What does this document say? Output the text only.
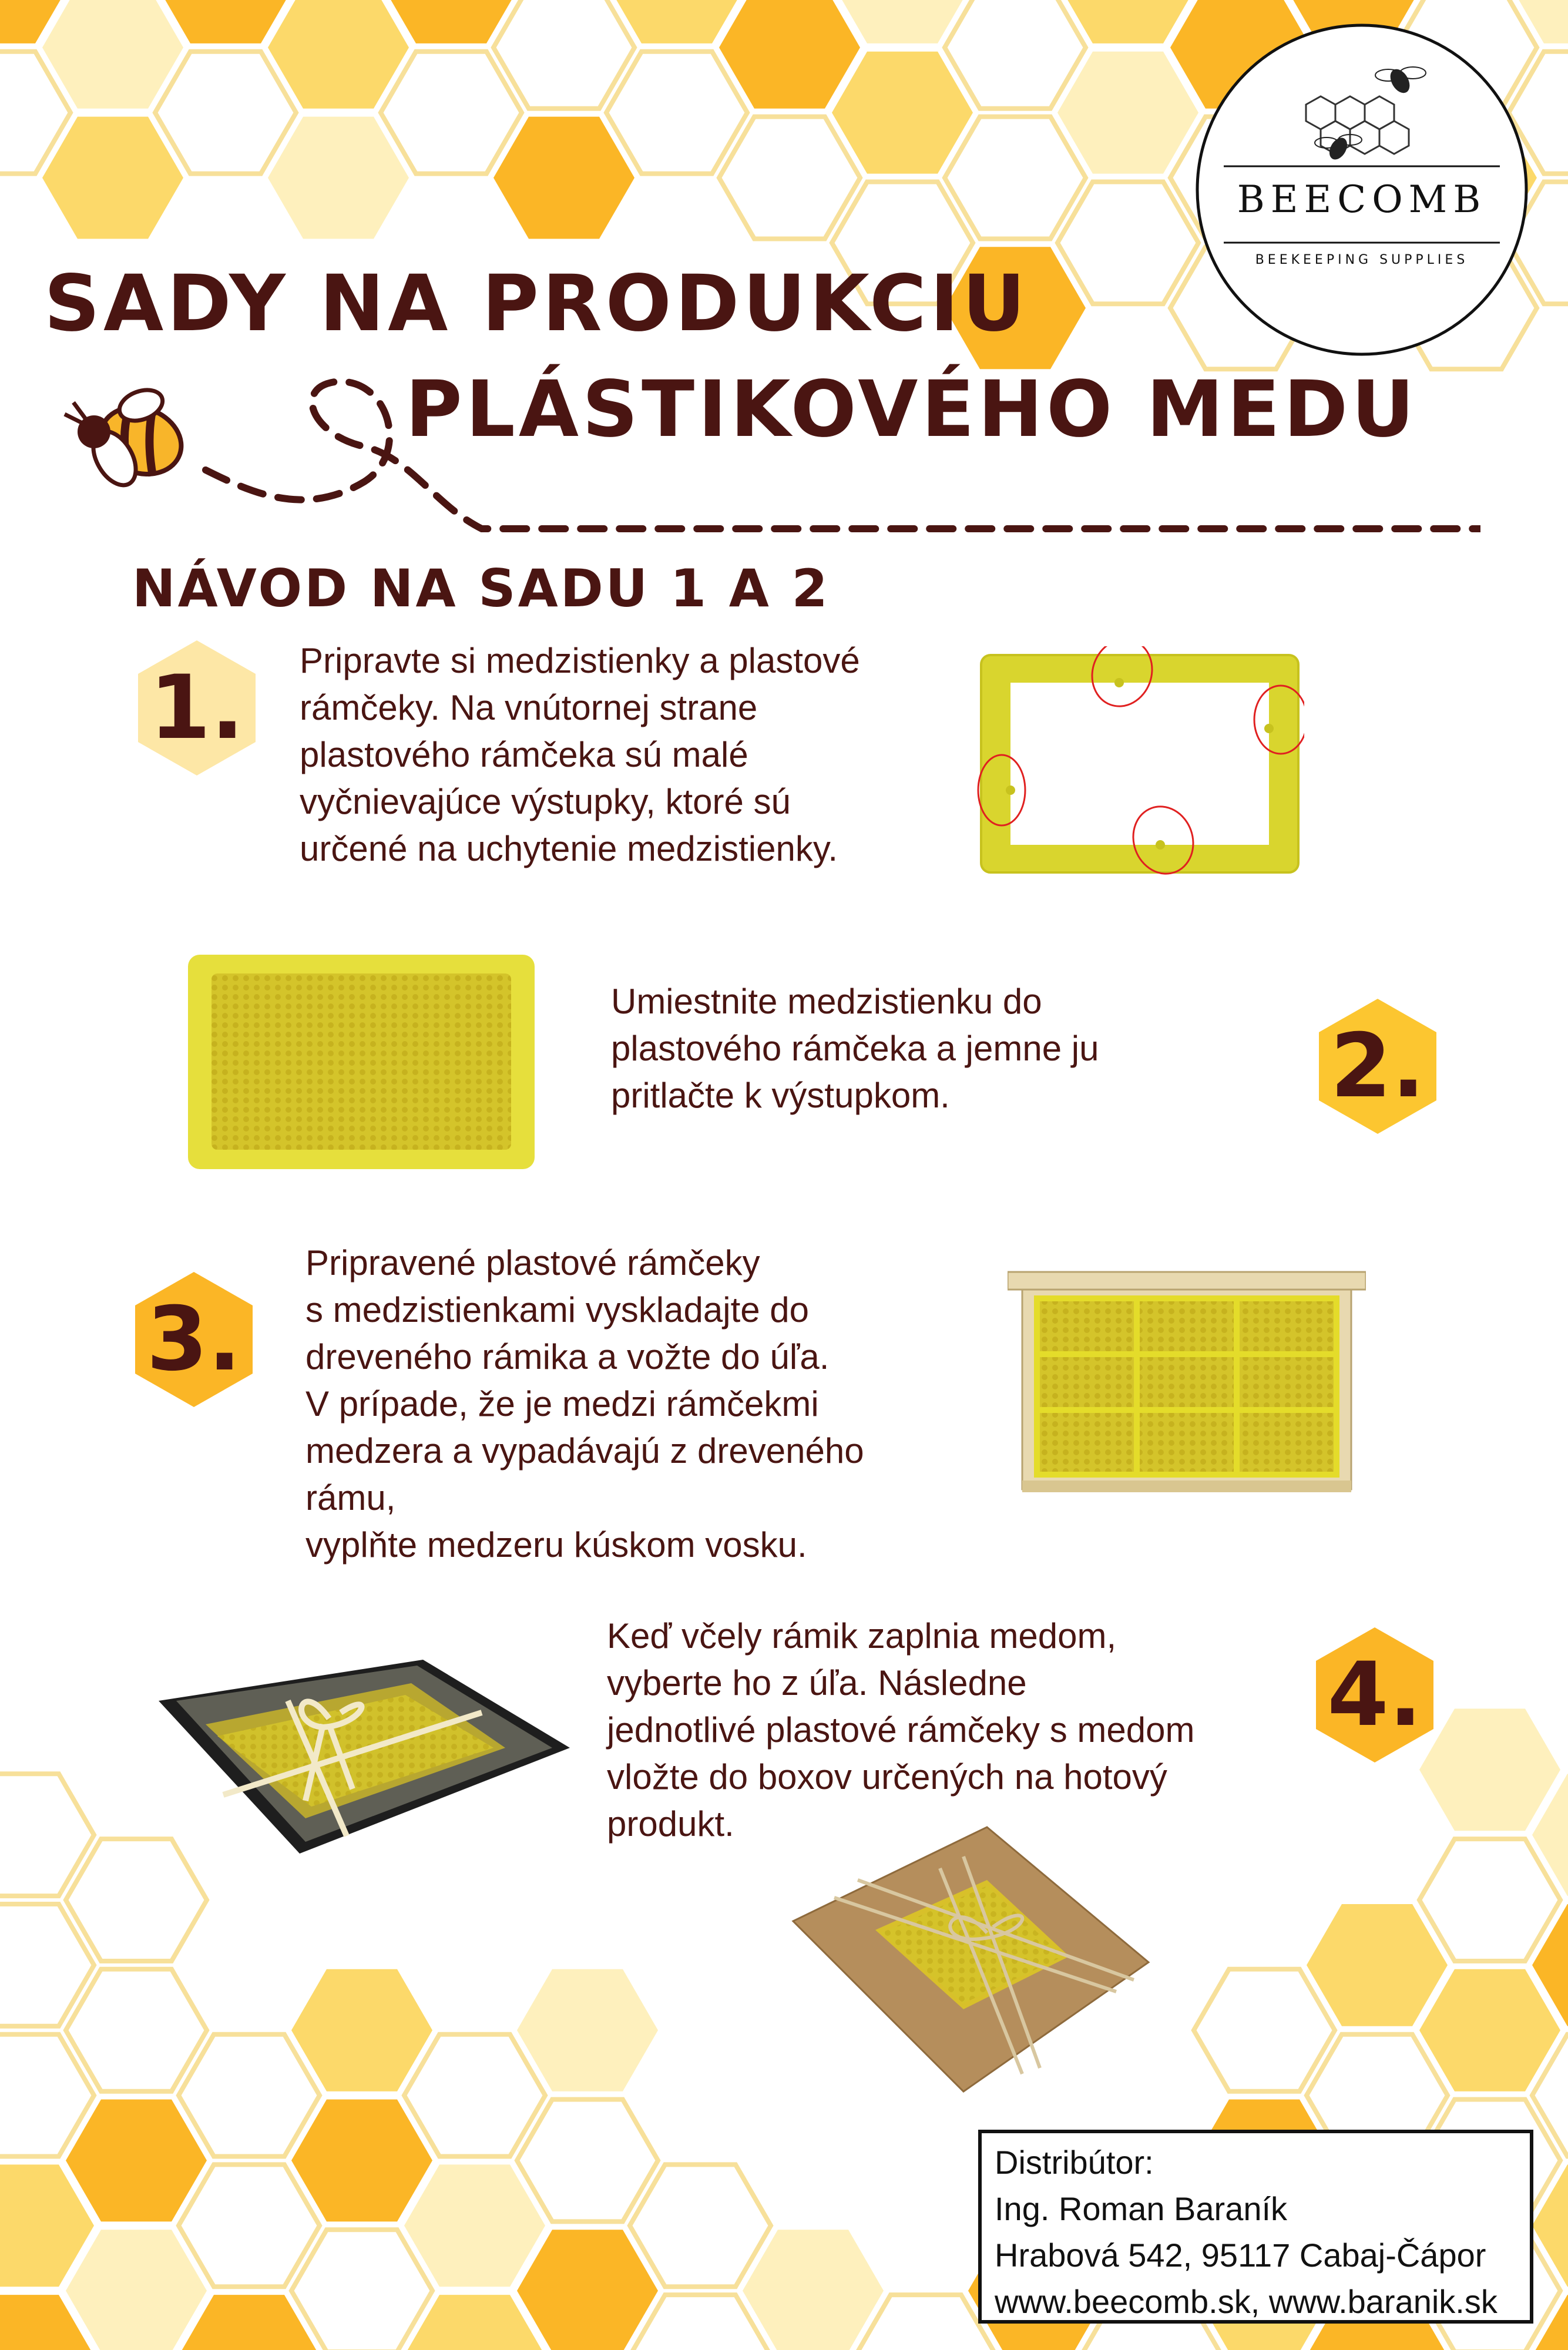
BEECOMB
BEEKEEPING SUPPLIES
SADY NA PRODUKCIU
PLÁSTIKOVÉHO MEDU
NÁVOD NA SADU 1 A 2
1. Pripravte si medzistienky a plastové
rámčeky. Na vnútornej strane
plastového rámčeka sú malé
vyčnievajúce výstupky, ktoré sú
určené na uchytenie medzistienky.
Umiestnite medzistienku do
plastového rámčeka a jemne ju
pritlačte k výstupkom.	2.
3.
Pripravené plastové rámčeky
s medzistienkami vyskladajte do
dreveného rámika a vožte do úľa.
V prípade, že je medzi rámčekmi
medzera a vypadávajú z dreveného
rámu,
vyplňte medzeru kúskom vosku.
Keď včely rámik zaplnia medom,
vyberte ho z úľa. Následne
jednotlivé plastové rámčeky s medom
vložte do boxov určených na hotový
produkt.
4.
Distribútor:
Ing. Roman Baraník
Hrabová 542, 95117 Cabaj-Čápor
www.beecomb.sk, www.baranik.sk
